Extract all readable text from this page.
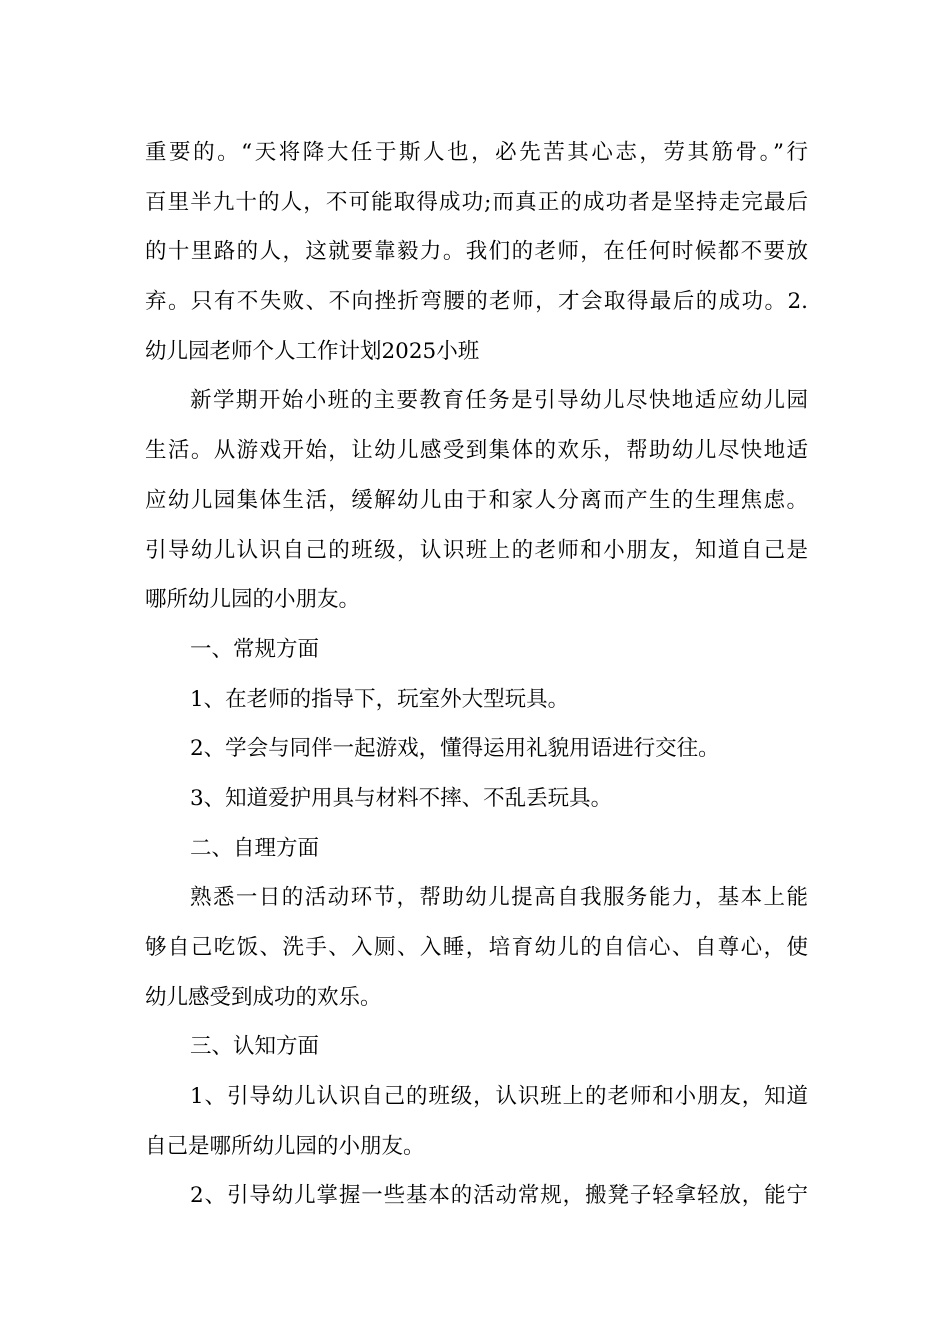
重要的。“天将降大任于斯人也，必先苦其心志，劳其筋骨。”行
百里半九十的人，不可能取得成功;而真正的成功者是坚持走完最后
的十里路的人，这就要靠毅力。我们的老师，在任何时候都不要放
弃。只有不失败、不向挫折弯腰的老师，才会取得最后的成功。2.
幼儿园老师个人工作计划2025小班
新学期开始小班的主要教育任务是引导幼儿尽快地适应幼儿园
生活。从游戏开始，让幼儿感受到集体的欢乐，帮助幼儿尽快地适
应幼儿园集体生活，缓解幼儿由于和家人分离而产生的生理焦虑。
引导幼儿认识自己的班级，认识班上的老师和小朋友，知道自己是
哪所幼儿园的小朋友。
一、常规方面
1、在老师的指导下，玩室外大型玩具。
2、学会与同伴一起游戏，懂得运用礼貌用语进行交往。
3、知道爱护用具与材料不摔、不乱丢玩具。
二、自理方面
熟悉一日的活动环节，帮助幼儿提高自我服务能力，基本上能
够自己吃饭、洗手、入厕、入睡，培育幼儿的自信心、自尊心，使
幼儿感受到成功的欢乐。
三、认知方面
1、引导幼儿认识自己的班级，认识班上的老师和小朋友，知道
自己是哪所幼儿园的小朋友。
2、引导幼儿掌握一些基本的活动常规，搬凳子轻拿轻放，能宁
